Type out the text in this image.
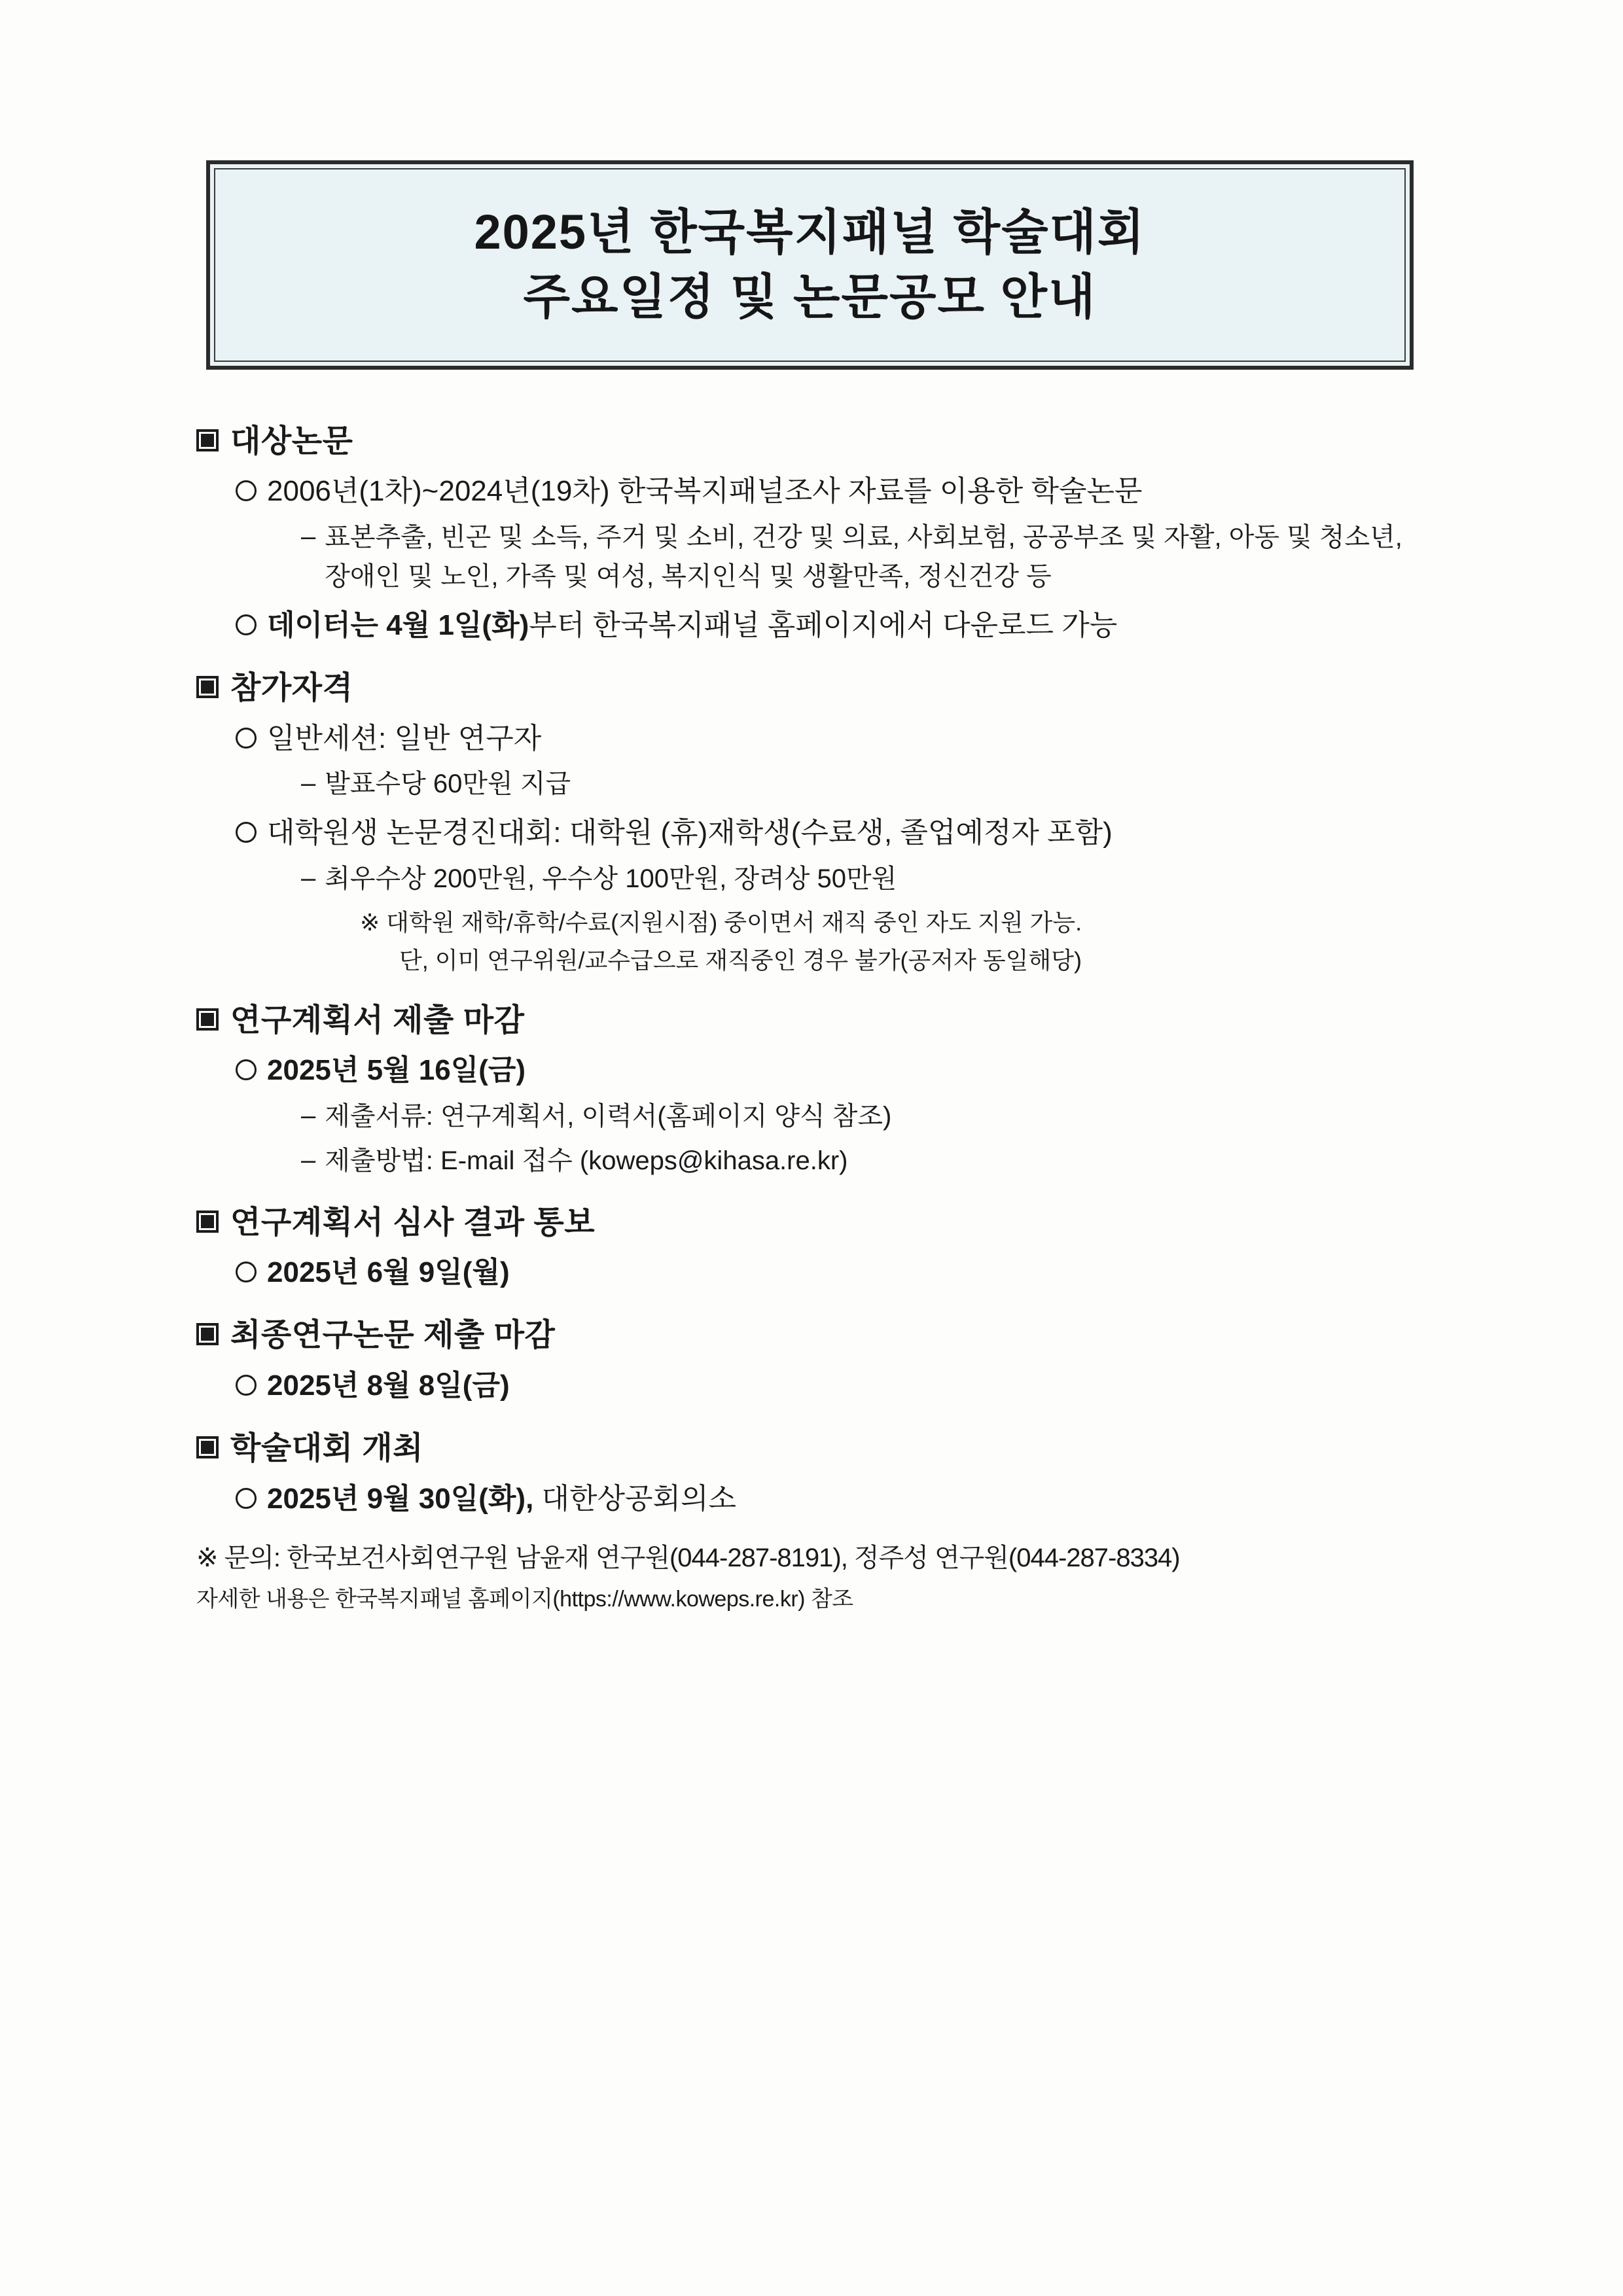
2025년 한국복지패널 학술대회
주요일정 및 논문공모 안내
대상논문
2006년(1차)~2024년(19차) 한국복지패널조사 자료를 이용한 학술논문
– 표본추출, 빈곤 및 소득, 주거 및 소비, 건강 및 의료, 사회보험, 공공부조 및 자활, 아동 및 청소년, 장애인 및 노인, 가족 및 여성, 복지인식 및 생활만족, 정신건강 등
데이터는 4월 1일(화)부터 한국복지패널 홈페이지에서 다운로드 가능
참가자격
일반세션: 일반 연구자
– 발표수당 60만원 지급
대학원생 논문경진대회: 대학원 (휴)재학생(수료생, 졸업예정자 포함)
– 최우수상 200만원, 우수상 100만원, 장려상 50만원
※ 대학원 재학/휴학/수료(지원시점) 중이면서 재직 중인 자도 지원 가능.
단, 이미 연구위원/교수급으로 재직중인 경우 불가(공저자 동일해당)
연구계획서 제출 마감
2025년 5월 16일(금)
– 제출서류: 연구계획서, 이력서(홈페이지 양식 참조)
– 제출방법: E-mail 접수 (koweps@kihasa.re.kr)
연구계획서 심사 결과 통보
2025년 6월 9일(월)
최종연구논문 제출 마감
2025년 8월 8일(금)
학술대회 개최
2025년 9월 30일(화), 대한상공회의소
※ 문의: 한국보건사회연구원 남윤재 연구원(044-287-8191), 정주성 연구원(044-287-8334)
자세한 내용은 한국복지패널 홈페이지(https://www.koweps.re.kr) 참조
